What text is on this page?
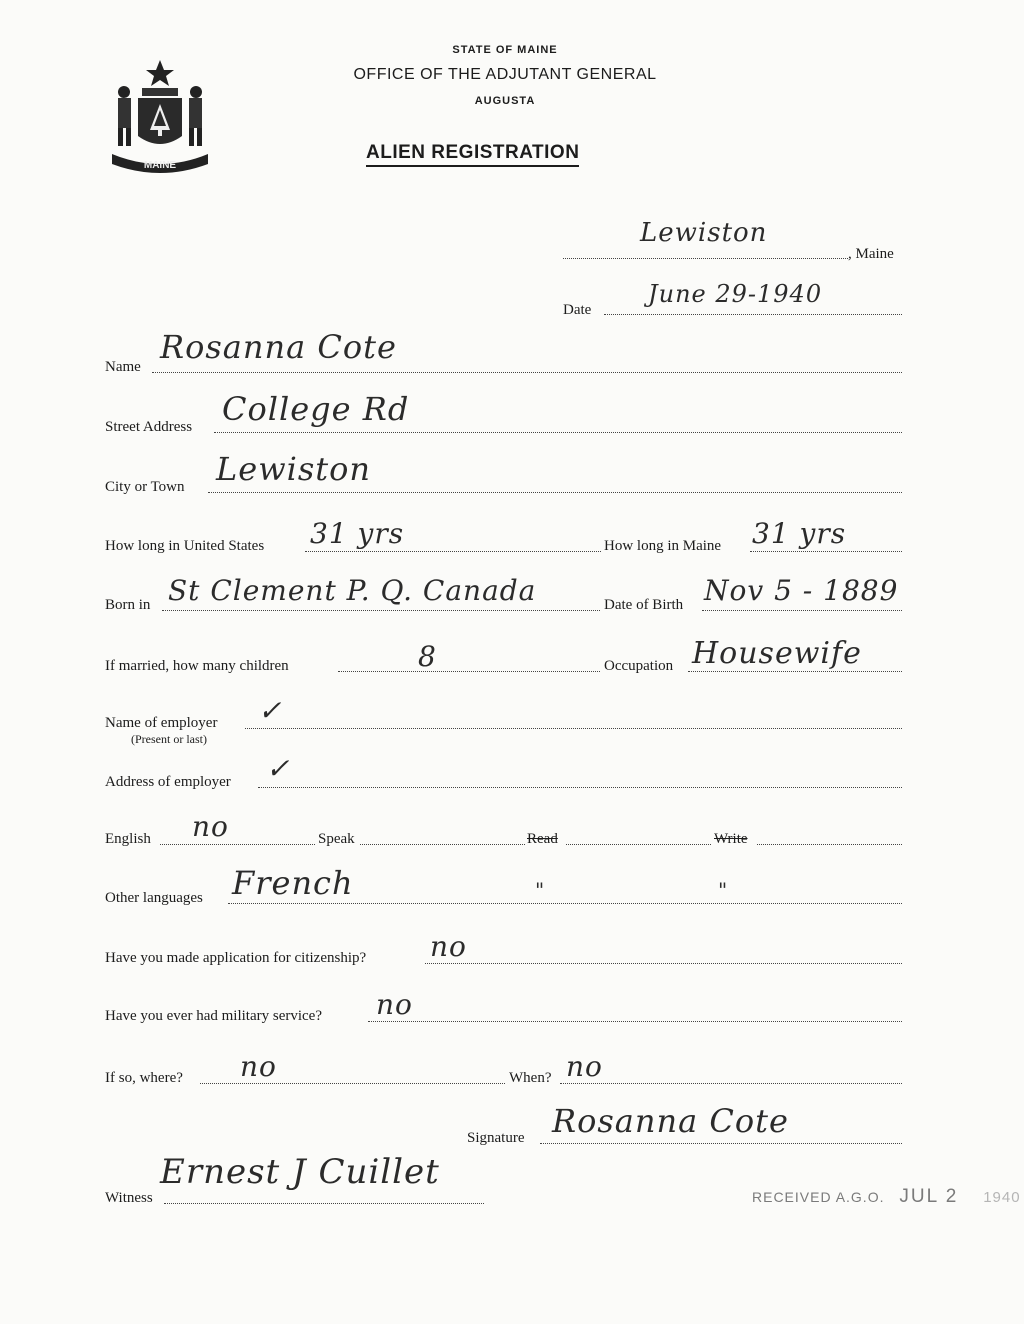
MAINE
STATE OF MAINE
OFFICE OF THE ADJUTANT GENERAL
AUGUSTA
ALIEN REGISTRATION
Lewiston
, Maine
Date
June 29-1940
Name
Rosanna Cote
Street Address College Rd
City or Town Lewiston
How long in United States 31 yrs	How long in Maine 31 yrs
Born in St Clement P. Q. Canada	Date of Birth Nov 5 - 1889
If married, how many children	8	Occupation Housewife
Name of employer
(Present or last)
✓
Address of employer ✓
English no	Speak	Read	Write
Other languages French	"	"
Have you made application for citizenship? no
Have you ever had military service? no
If so, where? no	When? no
Signature Rosanna Cote
Witness
Ernest J Cuillet
RECEIVED A.G.O. JUL 2 1940
